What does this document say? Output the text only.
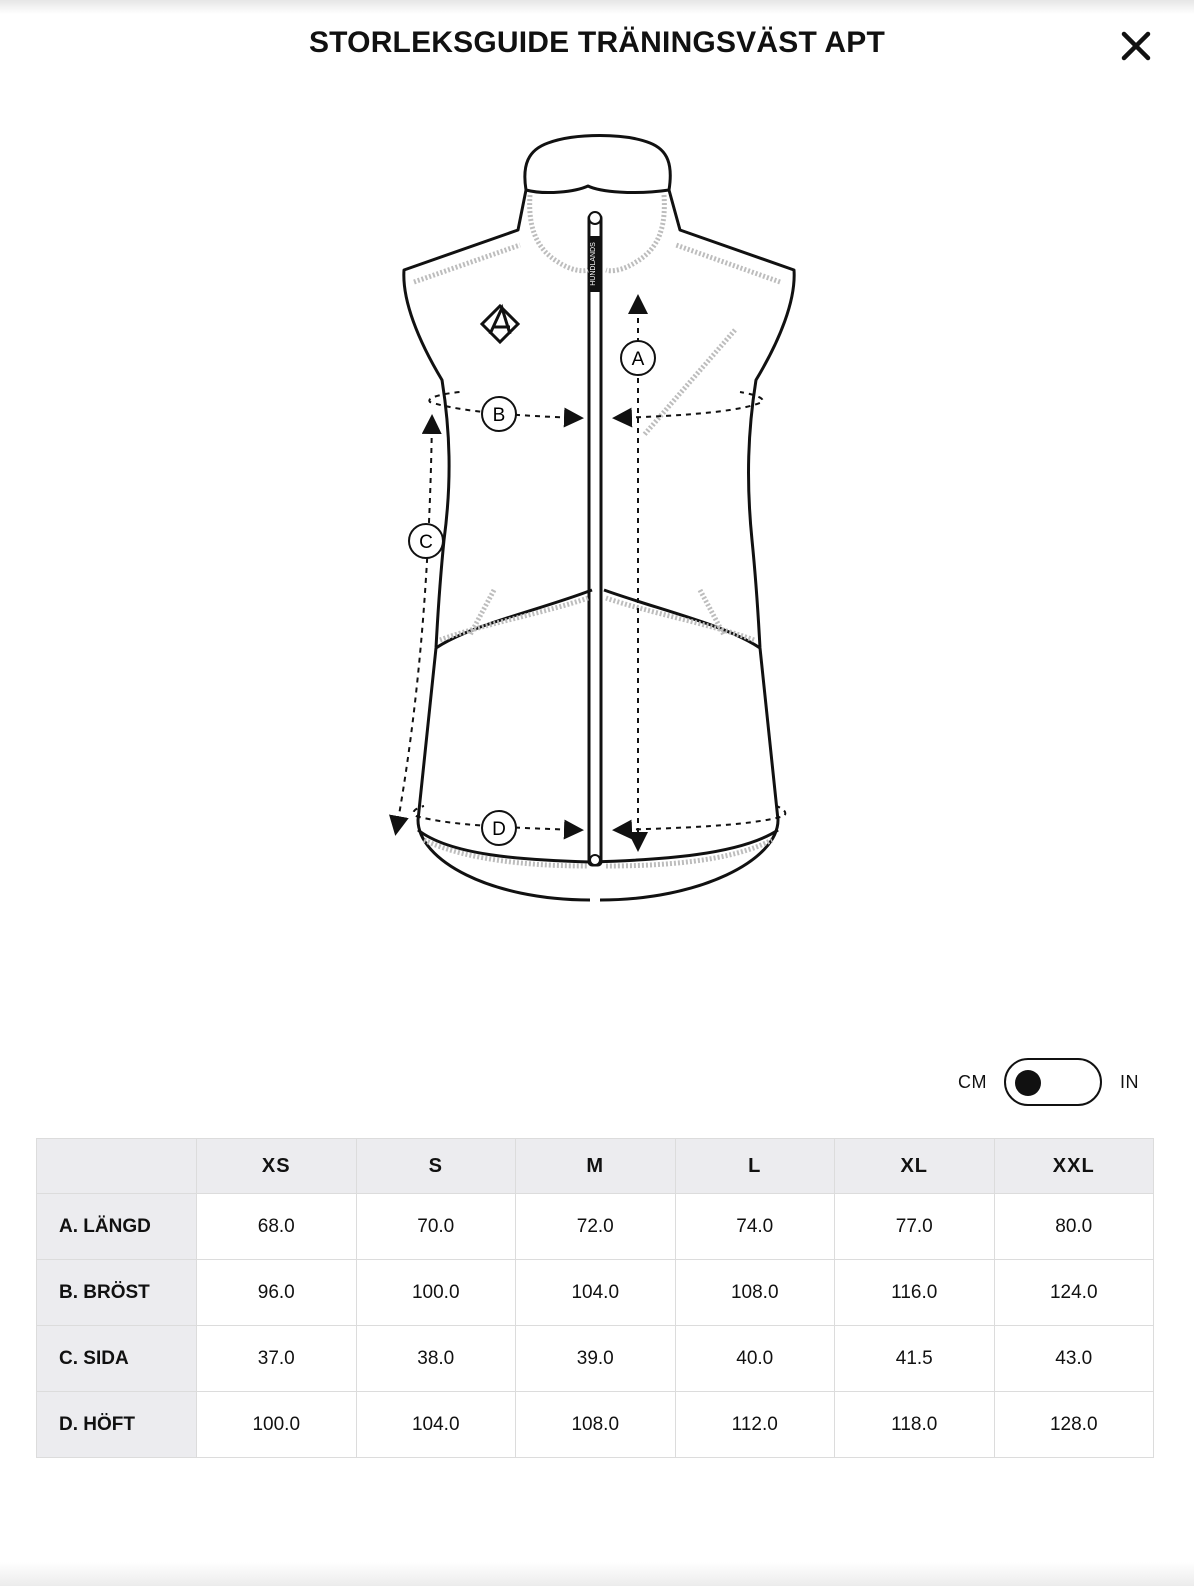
STORLEKSGUIDE TRÄNINGSVÄST APT
HUNDLANDS
A
B
C
D
CM	IN
	XS	S	M	L	XL	XXL
A. LÄNGD	68.0	70.0	72.0	74.0	77.0	80.0
B. BRÖST	96.0	100.0	104.0	108.0	116.0	124.0
C. SIDA	37.0	38.0	39.0	40.0	41.5	43.0
D. HÖFT	100.0	104.0	108.0	112.0	118.0	128.0
